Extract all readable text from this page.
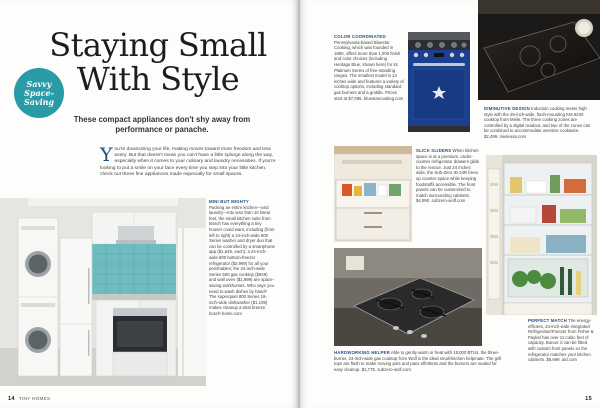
Staying Small With Style
Savvy Space-Saving
These compact appliances don't shy away from performance or panache.
You're downsizing your life, making moves toward more freedom and less worry. But that doesn't mean you can't have a little splurge along the way, especially when it comes to your culinary and laundry necessities. If you're looking to put a smile on your face every time you step into your little kitchen, check out these fine appliances made especially for small spaces.
MINI BUT MIGHTY
Packing an entire kitchen—and laundry—into less than 10 linear feet, the small kitchen suite from Bosch has everything a tiny houser could want, including (from left to right) a 24-inch-wide 800 Series washer and dryer duo that can be controlled by a smartphone app ($1,649, each); a 24-inch-wide 800 bottom-freezer refrigerator ($2,999) for all your perishables; the 24-inch-wide Series 500 gas cooktop ($949) and wall oven ($1,999) are space-saving workhorses. Who says you need to wash dishes by hand? The superquiet 800 Series 18-inch-wide dishwasher ($1,199) makes cleanup a total breeze. bosch-home.com
14 TINY HOMES
COLOR COORDINATED
Pennsylvania-based Bluestar Cooking, which was founded in 1880, offers more than 1,000 finish and color choices (including Heritage Blue, shown here) for its Platinum Series of free-standing ranges. The smallest model is 24 inches wide and features a variety of cooktop options, including standard gas burners and a griddle. Prices start at $7,095. bluestarcooking.com
DIMINUTIVE DESIGN Induction cooking meets high style with the 25-inch-wide, flush-mounting KM 6230 cooktop from Miele. The three cooking zones are controlled by a digital readout, and two of the zones can be combined to accommodate oversize cookware. $2,499. mieleusa.com
SLICK SLIDERS When kitchen space is at a premium, under-counter refrigerator drawers glide to the rescue. Just 24 inches wide, the Sub-Zero ID-24R frees up counter space while keeping foodstuffs accessible. The front panels can be customized to match surrounding cabinets. $4,990. subzero-wolf.com
HARDWORKING HELPER Able to gently warm or heat with 18,000 BTUs, the three-burner, 24-inch-wide gas cooktop from Wolf is the ideal small-kitchen helpmate. The grill tops are flush to make moving pots and pans effortless and the burners are sealed for easy cleanup. $1,775. subzero-wolf.com
PERFECT MATCH The energy-efficient, 24-inch-wide integrated Refrigerator/Freezer from Fisher & Paykel has over 11 cubic feet of capacity. Bonus: it can be fitted with custom front panels so the refrigerator matches your kitchen cabinets. $6,699. aid.com
15
